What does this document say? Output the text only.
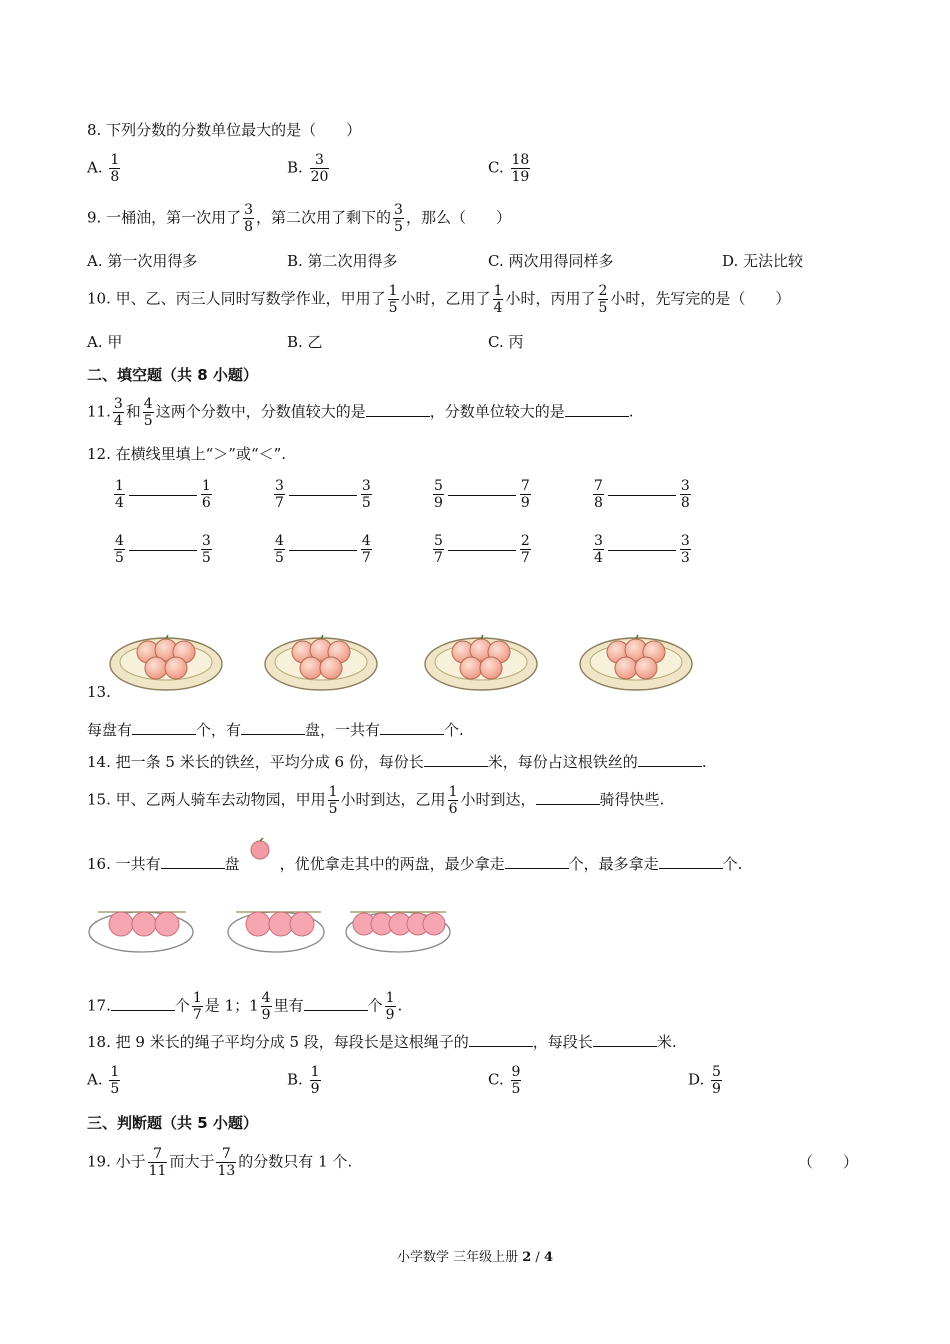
8. 下列分数的分数单位最大的是（　　）
A. $\frac{1}{8}$	B. $\frac{3}{20}$	C. $\frac{18}{19}$
9. 一桶油，第一次用了 $\frac{3}{8}$ ，第二次用了剩下的 $\frac{3}{5}$ ，那么（　　）
A. 第一次用得多	B. 第二次用得多	C. 两次用得同样多	D. 无法比较
10. 甲、乙、丙三人同时写数学作业，甲用了 $\frac{1}{5}$ 小时，乙用了 $\frac{1}{4}$ 小时，丙用了 $\frac{2}{5}$ 小时，先写完的是（　　）
A. 甲	B. 乙	C. 丙
二、填空题（共 8 小题）
11. $\frac{3}{4}$ 和 $\frac{4}{5}$ 这两个分数中，分数值较大的是	，分数单位较大的是	.
12. 在横线里填上“＞”或“＜”.
$\frac{1}{4}$	$\frac{1}{6}$	$\frac{3}{7}$	$\frac{3}{5}$	$\frac{5}{9}$	$\frac{7}{9}$	$\frac{7}{8}$	$\frac{3}{8}$
$\frac{4}{5}$	$\frac{3}{5}$	$\frac{4}{5}$	$\frac{4}{7}$	$\frac{5}{7}$	$\frac{2}{7}$	$\frac{3}{4}$	$\frac{3}{3}$
13.
每盘有	个，有	盘，一共有	个.
14. 把一条 5 米长的铁丝，平均分成 6 份，每份长	米，每份占这根铁丝的	.
15. 甲、乙两人骑车去动物园，甲用 $\frac{1}{5}$ 小时到达，乙用 $\frac{1}{6}$ 小时到达，	骑得快些.
16. 一共有	盘	，优优拿走其中的两盘，最少拿走	个，最多拿走	个.
17.	个 $\frac{1}{7}$ 是 1；$1 \frac{4}{9}$ 里有	个 $\frac{1}{9}$ .
18. 把 9 米长的绳子平均分成 5 段，每段长是这根绳子的	，每段长	米.
A. $\frac{1}{5}$	B. $\frac{1}{9}$	C. $\frac{9}{5}$	D. $\frac{5}{9}$
三、判断题（共 5 小题）
19. 小于 $\frac{7}{11}$ 而大于 $\frac{7}{13}$ 的分数只有 1 个.	（　　）
小学数学 三年级上册 2 / 4
